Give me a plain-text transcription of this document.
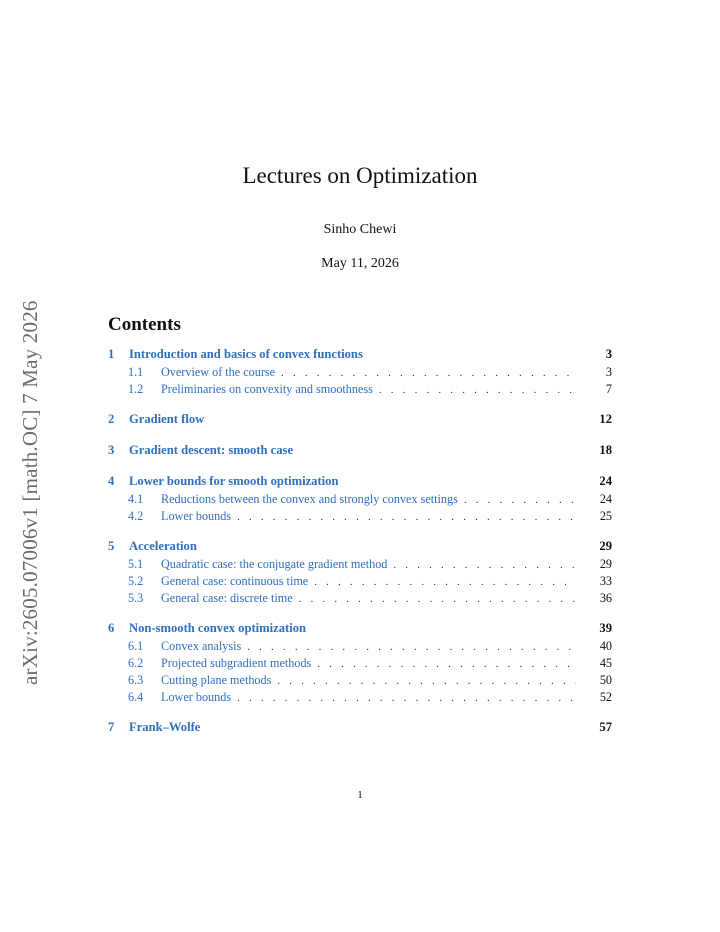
arXiv:2605.07006v1 [math.OC] 7 May 2026
Lectures on Optimization
Sinho Chewi
May 11, 2026
Contents
1	Introduction and basics of convex functions	3
1.1	Overview of the course . . .	3
1.2	Preliminaries on convexity and smoothness . . .	7
2	Gradient flow	12
3	Gradient descent: smooth case	18
4	Lower bounds for smooth optimization	24
4.1	Reductions between the convex and strongly convex settings . . .	24
4.2	Lower bounds . . .	25
5	Acceleration	29
5.1	Quadratic case: the conjugate gradient method . . .	29
5.2	General case: continuous time . . .	33
5.3	General case: discrete time . . .	36
6	Non-smooth convex optimization	39
6.1	Convex analysis . . .	40
6.2	Projected subgradient methods . . .	45
6.3	Cutting plane methods . . .	50
6.4	Lower bounds . . .	52
7	Frank–Wolfe	57
1
